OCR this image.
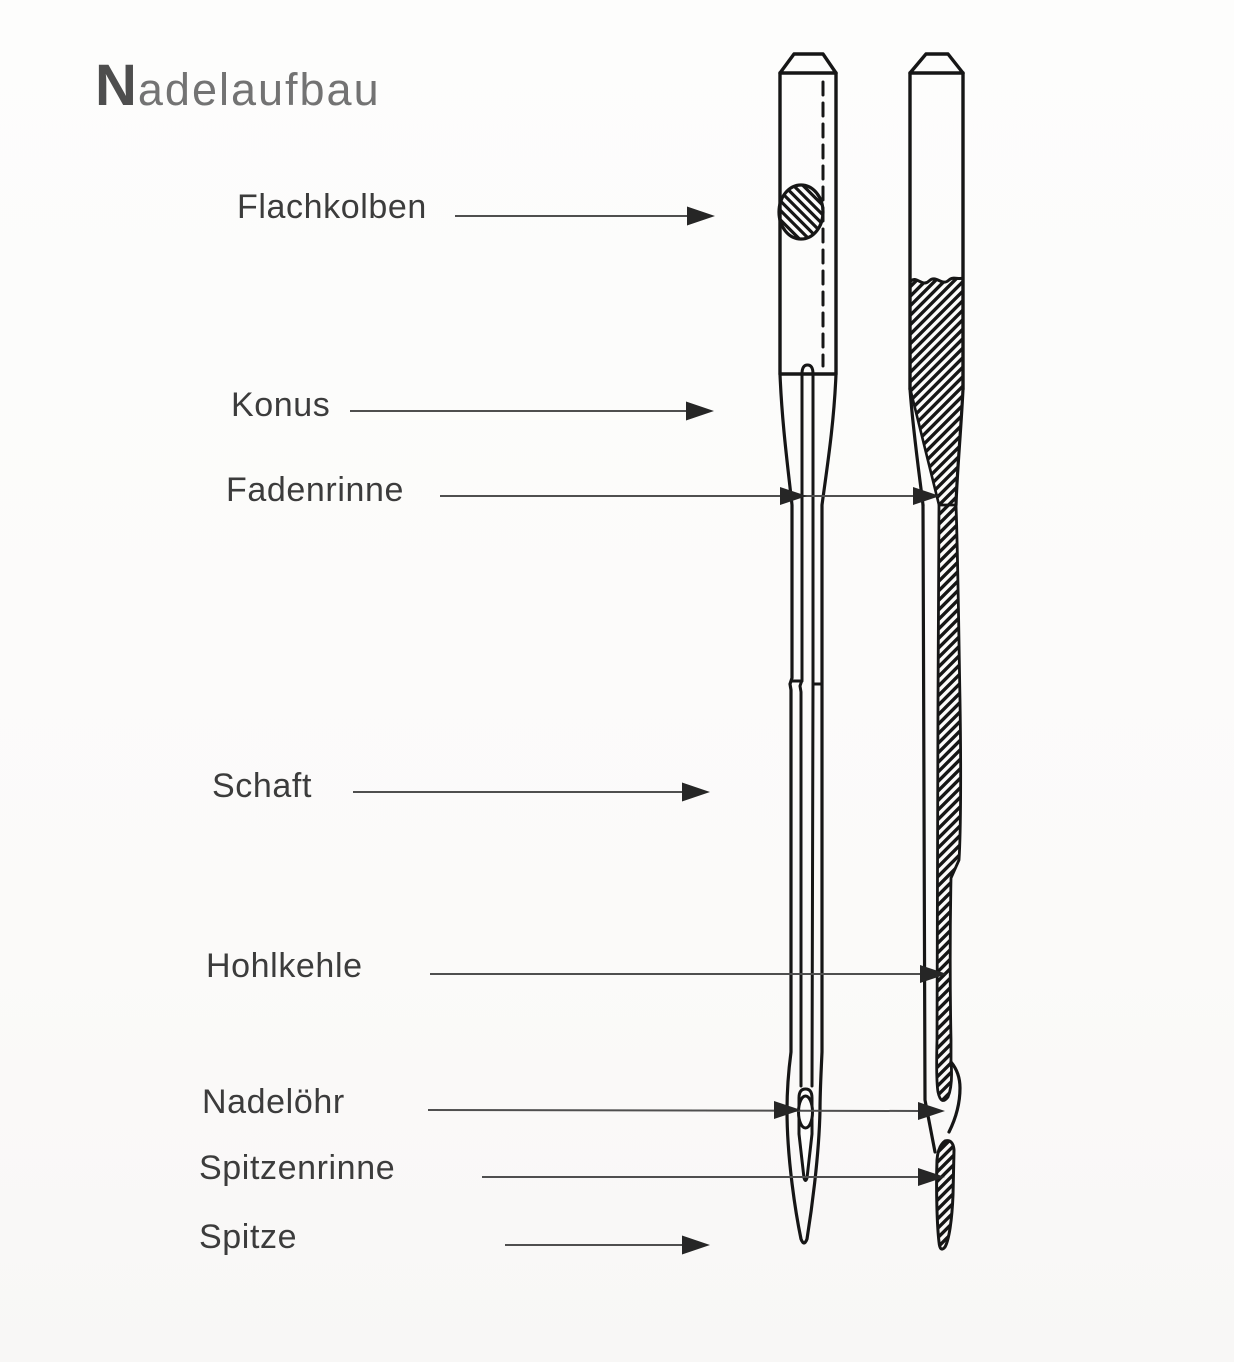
Nadelaufbau
Flachkolben
Konus
Fadenrinne
Schaft
Hohlkehle
Nadelöhr
Spitzenrinne
Spitze
